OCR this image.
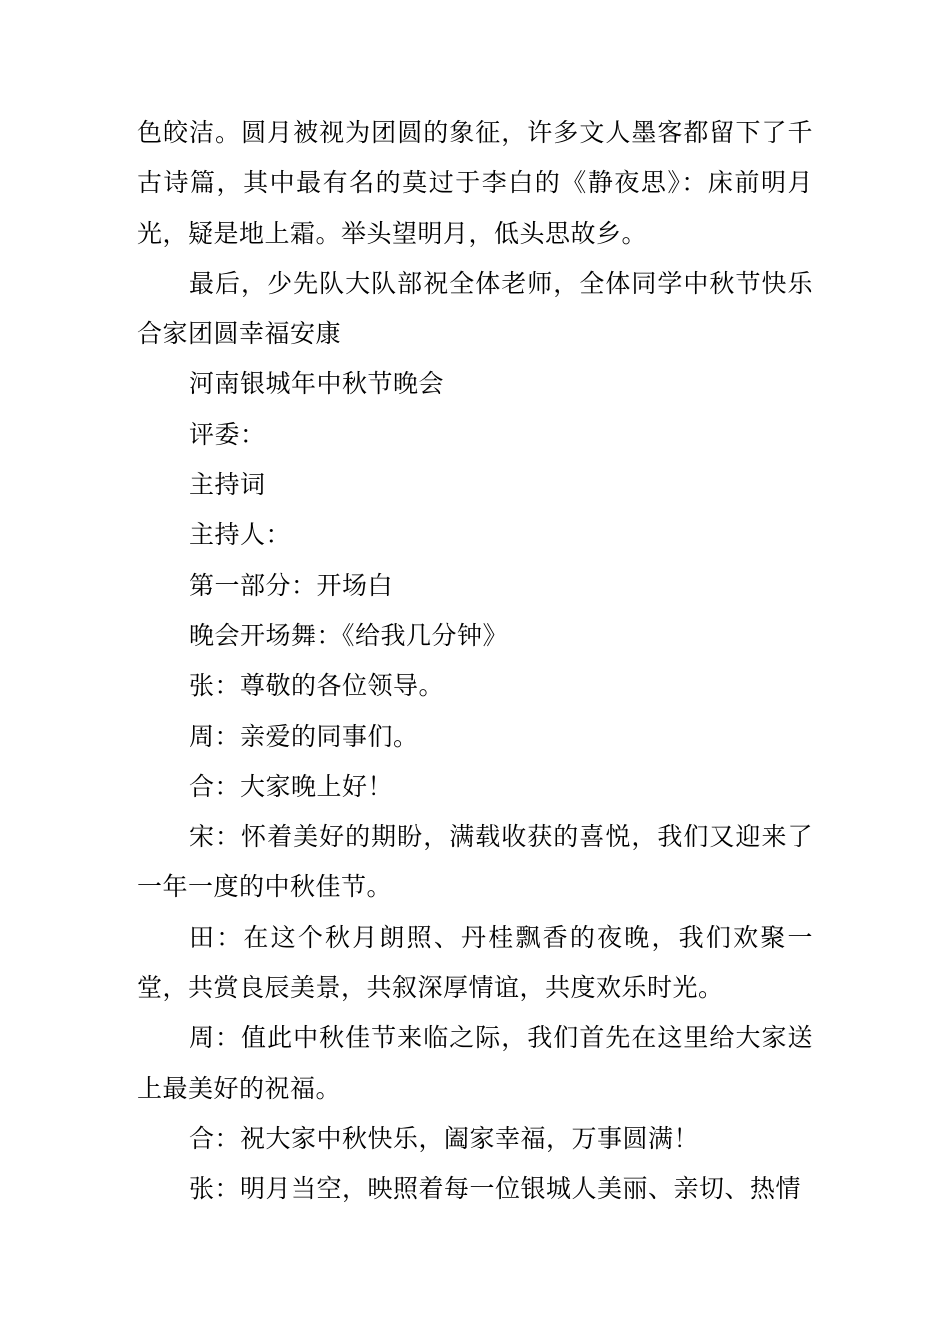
色皎洁。圆月被视为团圆的象征，许多文人墨客都留下了千古诗篇，其中最有名的莫过于李白的《静夜思》：床前明月光，疑是地上霜。举头望明月，低头思故乡。

最后，少先队大队部祝全体老师，全体同学中秋节快乐合家团圆幸福安康

河南银城年中秋节晚会

评委：

主持词

主持人：

第一部分：开场白

晚会开场舞：《给我几分钟》

张：尊敬的各位领导。

周：亲爱的同事们。

合：大家晚上好！

宋：怀着美好的期盼，满载收获的喜悦，我们又迎来了一年一度的中秋佳节。

田：在这个秋月朗照、丹桂飘香的夜晚，我们欢聚一堂，共赏良辰美景，共叙深厚情谊，共度欢乐时光。

周：值此中秋佳节来临之际，我们首先在这里给大家送上最美好的祝福。

合：祝大家中秋快乐，阖家幸福，万事圆满！

张：明月当空，映照着每一位银城人美丽、亲切、热情
